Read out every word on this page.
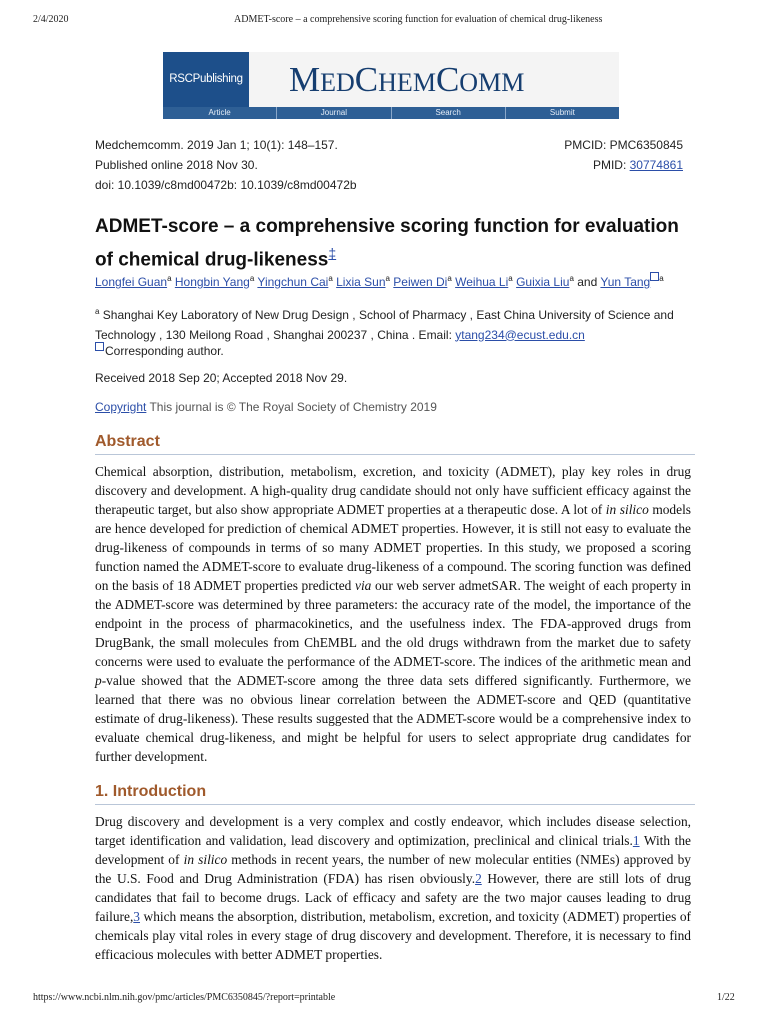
2/4/2020	ADMET-score – a comprehensive scoring function for evaluation of chemical drug-likeness
RSCPublishing	MEDCHEMCOMM
Article	Journal	Search	Submit
Medchemcomm. 2019 Jan 1; 10(1): 148–157.
Published online 2018 Nov 30.
doi: 10.1039/c8md00472b: 10.1039/c8md00472b
PMCID: PMC6350845
PMID: 30774861
ADMET-score – a comprehensive scoring function for evaluation of chemical drug-likeness‡
Longfei Guan$^a$ Hongbin Yang$^a$ Yingchun Cai$^a$ Lixia Sun$^a$ Peiwen Di$^a$ Weihua Li$^a$ Guixia Liu$^a$ and Yun Tang $^a$
$^a$ Shanghai Key Laboratory of New Drug Design , School of Pharmacy , East China University of Science and Technology , 130 Meilong Road , Shanghai 200237 , China . Email: ytang234@ecust.edu.cn
Corresponding author.
Received 2018 Sep 20; Accepted 2018 Nov 29.
Copyright This journal is © The Royal Society of Chemistry 2019
Abstract
Chemical absorption, distribution, metabolism, excretion, and toxicity (ADMET), play key roles in drug discovery and development. A high-quality drug candidate should not only have sufficient efficacy against the therapeutic target, but also show appropriate ADMET properties at a therapeutic dose. A lot of in silico models are hence developed for prediction of chemical ADMET properties. However, it is still not easy to evaluate the drug-likeness of compounds in terms of so many ADMET properties. In this study, we proposed a scoring function named the ADMET-score to evaluate drug-likeness of a compound. The scoring function was defined on the basis of 18 ADMET properties predicted via our web server admetSAR. The weight of each property in the ADMET-score was determined by three parameters: the accuracy rate of the model, the importance of the endpoint in the process of pharmacokinetics, and the usefulness index. The FDA-approved drugs from DrugBank, the small molecules from ChEMBL and the old drugs withdrawn from the market due to safety concerns were used to evaluate the performance of the ADMET-score. The indices of the arithmetic mean and p-value showed that the ADMET-score among the three data sets differed significantly. Furthermore, we learned that there was no obvious linear correlation between the ADMET-score and QED (quantitative estimate of drug-likeness). These results suggested that the ADMET-score would be a comprehensive index to evaluate chemical drug-likeness, and might be helpful for users to select appropriate drug candidates for further development.
1. Introduction
Drug discovery and development is a very complex and costly endeavor, which includes disease selection, target identification and validation, lead discovery and optimization, preclinical and clinical trials.1 With the development of in silico methods in recent years, the number of new molecular entities (NMEs) approved by the U.S. Food and Drug Administration (FDA) has risen obviously.2 However, there are still lots of drug candidates that fail to become drugs. Lack of efficacy and safety are the two major causes leading to drug failure,3 which means the absorption, distribution, metabolism, excretion, and toxicity (ADMET) properties of chemicals play vital roles in every stage of drug discovery and development. Therefore, it is necessary to find efficacious molecules with better ADMET properties.
https://www.ncbi.nlm.nih.gov/pmc/articles/PMC6350845/?report=printable	1/22
